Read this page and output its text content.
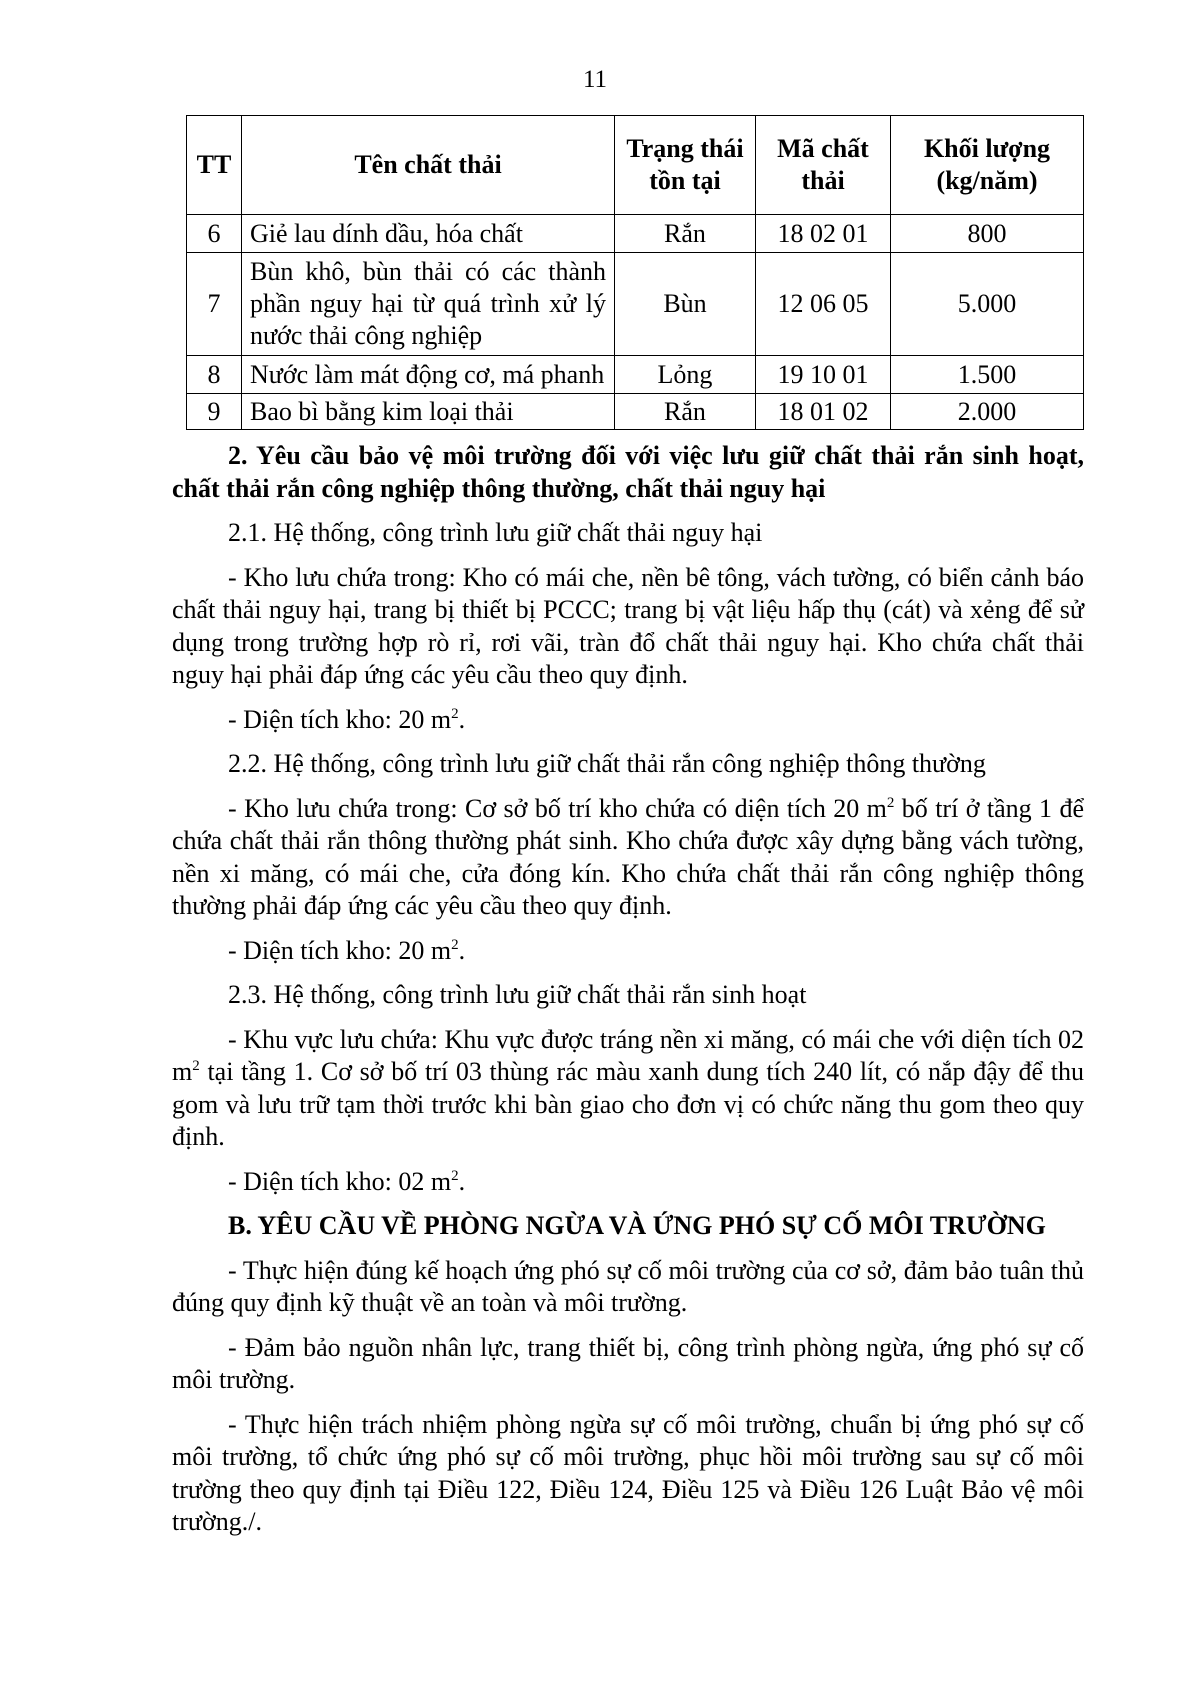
11
TT	Tên chất thải	Trạng thái tồn tại	Mã chất thải	Khối lượng (kg/năm)
6	Giẻ lau dính dầu, hóa chất	Rắn	18 02 01	800
7	Bùn khô, bùn thải có các thành phần nguy hại từ quá trình xử lý nước thải công nghiệp	Bùn	12 06 05	5.000
8	Nước làm mát động cơ, má phanh	Lỏng	19 10 01	1.500
9	Bao bì bằng kim loại thải	Rắn	18 01 02	2.000

2. Yêu cầu bảo vệ môi trường đối với việc lưu giữ chất thải rắn sinh hoạt, chất thải rắn công nghiệp thông thường, chất thải nguy hại

2.1. Hệ thống, công trình lưu giữ chất thải nguy hại

- Kho lưu chứa trong: Kho có mái che, nền bê tông, vách tường, có biển cảnh báo chất thải nguy hại, trang bị thiết bị PCCC; trang bị vật liệu hấp thụ (cát) và xẻng để sử dụng trong trường hợp rò rỉ, rơi vãi, tràn đổ chất thải nguy hại. Kho chứa chất thải nguy hại phải đáp ứng các yêu cầu theo quy định.

- Diện tích kho: 20 $m^2$.

2.2. Hệ thống, công trình lưu giữ chất thải rắn công nghiệp thông thường

- Kho lưu chứa trong: Cơ sở bố trí kho chứa có diện tích 20 $m^2$ bố trí ở tầng 1 để chứa chất thải rắn thông thường phát sinh. Kho chứa được xây dựng bằng vách tường, nền xi măng, có mái che, cửa đóng kín. Kho chứa chất thải rắn công nghiệp thông thường phải đáp ứng các yêu cầu theo quy định.

- Diện tích kho: 20 $m^2$.

2.3. Hệ thống, công trình lưu giữ chất thải rắn sinh hoạt

- Khu vực lưu chứa: Khu vực được tráng nền xi măng, có mái che với diện tích 02 $m^2$ tại tầng 1. Cơ sở bố trí 03 thùng rác màu xanh dung tích 240 lít, có nắp đậy để thu gom và lưu trữ tạm thời trước khi bàn giao cho đơn vị có chức năng thu gom theo quy định.

- Diện tích kho: 02 $m^2$.

B. YÊU CẦU VỀ PHÒNG NGỪA VÀ ỨNG PHÓ SỰ CỐ MÔI TRƯỜNG

- Thực hiện đúng kế hoạch ứng phó sự cố môi trường của cơ sở, đảm bảo tuân thủ đúng quy định kỹ thuật về an toàn và môi trường.

- Đảm bảo nguồn nhân lực, trang thiết bị, công trình phòng ngừa, ứng phó sự cố môi trường.

- Thực hiện trách nhiệm phòng ngừa sự cố môi trường, chuẩn bị ứng phó sự cố môi trường, tổ chức ứng phó sự cố môi trường, phục hồi môi trường sau sự cố môi trường theo quy định tại Điều 122, Điều 124, Điều 125 và Điều 126 Luật Bảo vệ môi trường./.
